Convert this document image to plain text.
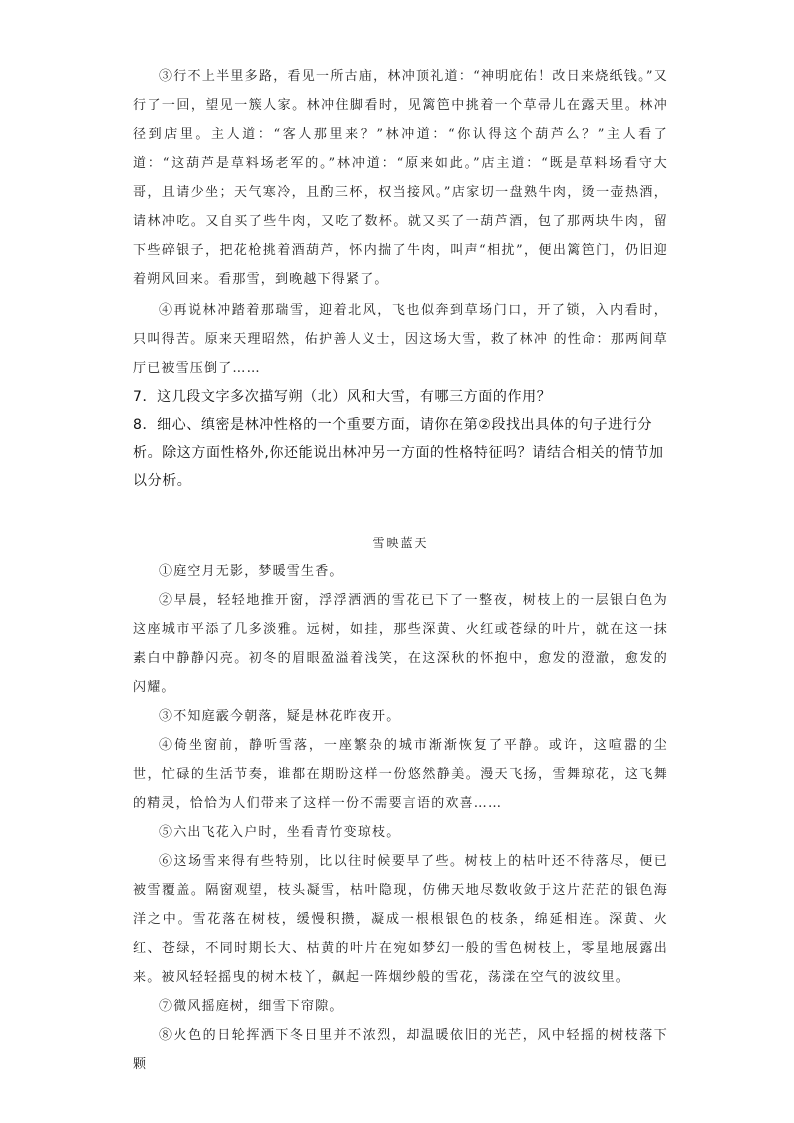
③行不上半里多路，看见一所古庙，林冲顶礼道：“神明庇佑！改日来烧纸钱。”又行了一回，望见一簇人家。林冲住脚看时，见篱笆中挑着一个草帚儿在露天里。林冲径到店里。主人道：“客人那里来？”林冲道：“你认得这个葫芦么？”主人看了道：“这葫芦是草料场老军的。”林冲道：“原来如此。”店主道：“既是草料场看守大哥，且请少坐；天气寒冷，且酌三杯，权当接风。”店家切一盘熟牛肉，烫一壶热酒，请林冲吃。又自买了些牛肉，又吃了数杯。就又买了一葫芦酒，包了那两块牛肉，留下些碎银子，把花枪挑着酒葫芦，怀内揣了牛肉，叫声“相扰”，便出篱笆门，仍旧迎着朔风回来。看那雪，到晚越下得紧了。

④再说林冲踏着那瑞雪，迎着北风，飞也似奔到草场门口，开了锁，入内看时，只叫得苦。原来天理昭然，佑护善人义士，因这场大雪，救了林冲 的性命：那两间草厅已被雪压倒了……

7．这几段文字多次描写朔（北）风和大雪，有哪三方面的作用？

8．细心、缜密是林冲性格的一个重要方面，请你在第②段找出具体的句子进行分析。除这方面性格外,你还能说出林冲另一方面的性格特征吗？请结合相关的情节加以分析。

雪映蓝天

①庭空月无影，梦暖雪生香。

②早晨，轻轻地推开窗，浮浮洒洒的雪花已下了一整夜，树枝上的一层银白色为这座城市平添了几多淡雅。远树，如挂，那些深黄、火红或苍绿的叶片，就在这一抹素白中静静闪亮。初冬的眉眼盈溢着浅笑，在这深秋的怀抱中，愈发的澄澈，愈发的闪耀。

③不知庭霰今朝落，疑是林花昨夜开。

④倚坐窗前，静听雪落，一座繁杂的城市渐渐恢复了平静。或许，这喧嚣的尘世，忙碌的生活节奏，谁都在期盼这样一份悠然静美。漫天飞扬，雪舞琼花，这飞舞的精灵，恰恰为人们带来了这样一份不需要言语的欢喜……

⑤六出飞花入户时，坐看青竹变琼枝。

⑥这场雪来得有些特别，比以往时候要早了些。树枝上的枯叶还不待落尽，便已被雪覆盖。隔窗观望，枝头凝雪，枯叶隐现，仿佛天地尽数收敛于这片茫茫的银色海洋之中。雪花落在树枝，缓慢积攒，凝成一根根银色的枝条，绵延相连。深黄、火红、苍绿，不同时期长大、枯黄的叶片在宛如梦幻一般的雪色树枝上，零星地展露出来。被风轻轻摇曳的树木枝丫，飙起一阵烟纱般的雪花，荡漾在空气的波纹里。

⑦微风摇庭树，细雪下帘隙。

⑧火色的日轮挥洒下冬日里并不浓烈，却温暖依旧的光芒，风中轻摇的树枝落下颗
